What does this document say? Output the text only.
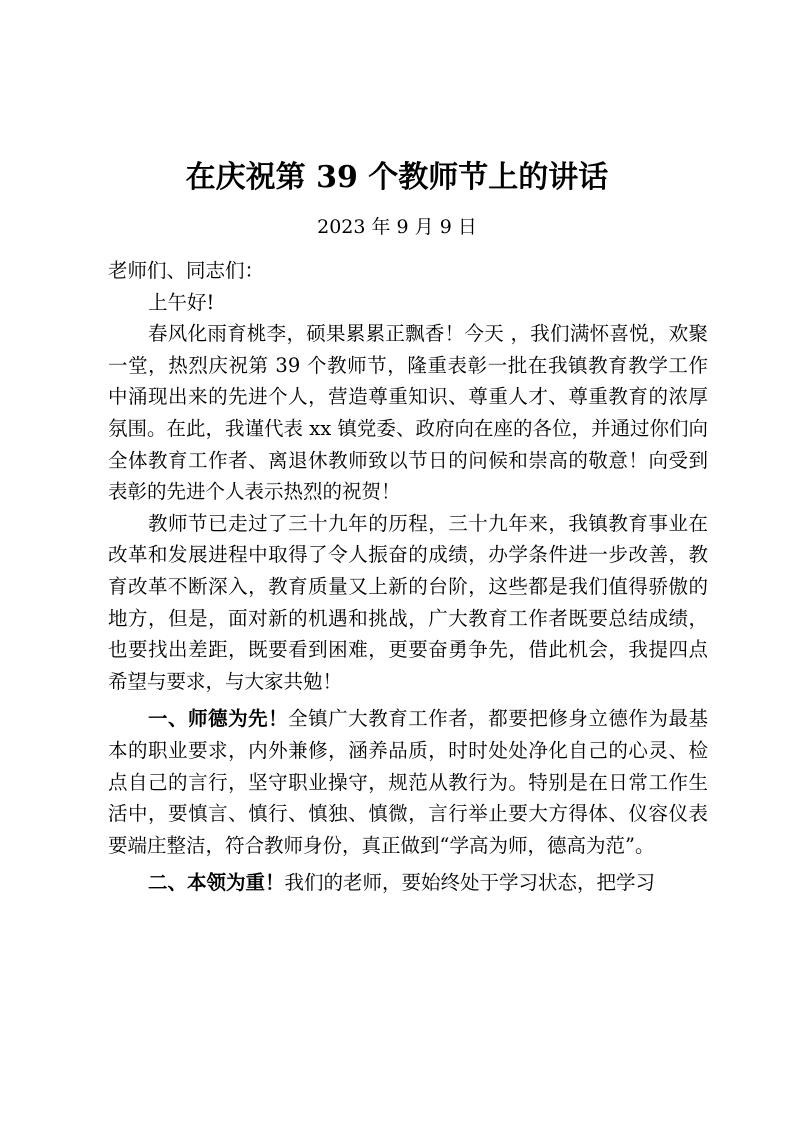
在庆祝第 39 个教师节上的讲话
2023 年 9 月 9 日

老师们、同志们：

上午好!

春风化雨育桃李，硕果累累正飘香！今天 ，我们满怀喜悦，欢聚一堂，热烈庆祝第 39 个教师节，隆重表彰一批在我镇教育教学工作中涌现出来的先进个人，营造尊重知识、尊重人才、尊重教育的浓厚氛围。在此，我谨代表 xx 镇党委、政府向在座的各位，并通过你们向全体教育工作者、离退休教师致以节日的问候和崇高的敬意！向受到表彰的先进个人表示热烈的祝贺！

教师节已走过了三十九年的历程，三十九年来，我镇教育事业在改革和发展进程中取得了令人振奋的成绩，办学条件进一步改善，教育改革不断深入，教育质量又上新的台阶，这些都是我们值得骄傲的地方，但是，面对新的机遇和挑战，广大教育工作者既要总结成绩，也要找出差距，既要看到困难，更要奋勇争先，借此机会，我提四点希望与要求，与大家共勉！

一、师德为先！全镇广大教育工作者，都要把修身立德作为最基本的职业要求，内外兼修，涵养品质，时时处处净化自己的心灵、检点自己的言行，坚守职业操守，规范从教行为。特别是在日常工作生活中，要慎言、慎行、慎独、慎微，言行举止要大方得体、仪容仪表要端庄整洁，符合教师身份，真正做到“学高为师，德高为范”。

二、本领为重！我们的老师，要始终处于学习状态，把学习
